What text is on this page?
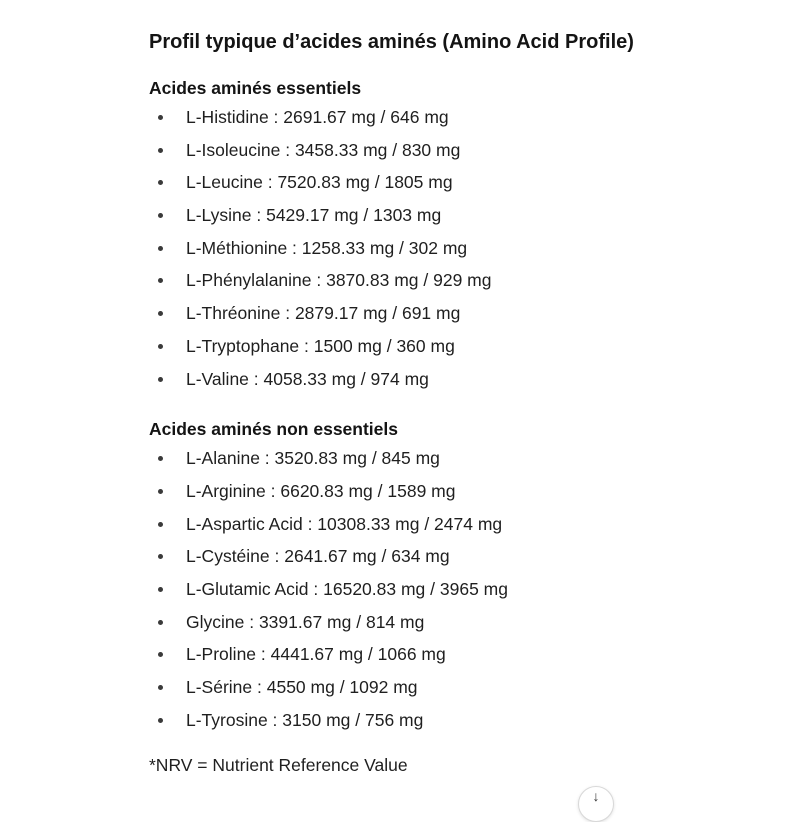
Profil typique d’acides aminés (Amino Acid Profile)
Acides aminés essentiels
L-Histidine : 2691.67 mg / 646 mg
L-Isoleucine : 3458.33 mg / 830 mg
L-Leucine : 7520.83 mg / 1805 mg
L-Lysine : 5429.17 mg / 1303 mg
L-Méthionine : 1258.33 mg / 302 mg
L-Phénylalanine : 3870.83 mg / 929 mg
L-Thréonine : 2879.17 mg / 691 mg
L-Tryptophane : 1500 mg / 360 mg
L-Valine : 4058.33 mg / 974 mg
Acides aminés non essentiels
L-Alanine : 3520.83 mg / 845 mg
L-Arginine : 6620.83 mg / 1589 mg
L-Aspartic Acid : 10308.33 mg / 2474 mg
L-Cystéine : 2641.67 mg / 634 mg
L-Glutamic Acid : 16520.83 mg / 3965 mg
Glycine : 3391.67 mg / 814 mg
L-Proline : 4441.67 mg / 1066 mg
L-Sérine : 4550 mg / 1092 mg
L-Tyrosine : 3150 mg / 756 mg
*NRV = Nutrient Reference Value
↓
